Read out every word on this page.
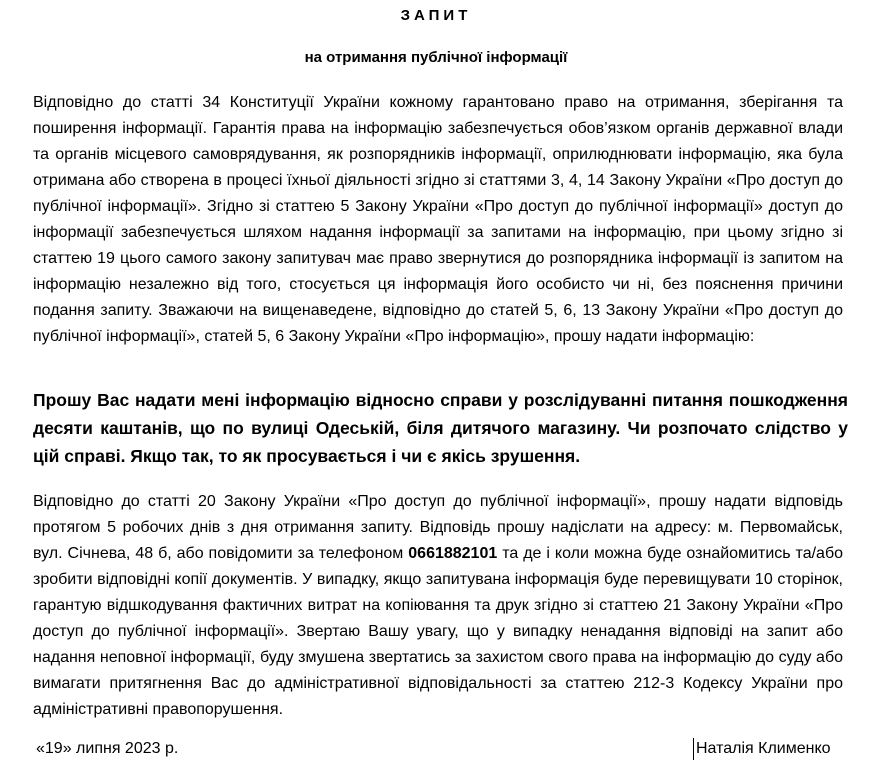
ЗАПИТ
на отримання публічної інформації

Відповідно до статті 34 Конституції України кожному гарантовано право на отримання, зберігання та поширення інформації. Гарантія права на інформацію забезпечується обов’язком органів державної влади та органів місцевого самоврядування, як розпорядників інформації, оприлюднювати інформацію, яка була отримана або створена в процесі їхньої діяльності згідно зі статтями 3, 4, 14 Закону України «Про доступ до публічної інформації». Згідно зі статтею 5 Закону України «Про доступ до публічної інформації» доступ до інформації забезпечується шляхом надання інформації за запитами на інформацію, при цьому згідно зі статтею 19 цього самого закону запитувач має право звернутися до розпорядника інформації із запитом на інформацію незалежно від того, стосується ця інформація його особисто чи ні, без пояснення причини подання запиту. Зважаючи на вищенаведене, відповідно до статей 5, 6, 13 Закону України «Про доступ до публічної інформації», статей 5, 6 Закону України «Про інформацію», прошу надати інформацію:

Прошу Вас надати мені інформацію відносно справи у розслідуванні питання пошкодження десяти каштанів, що по вулиці Одеській, біля дитячого магазину. Чи розпочато слідство у цій справі. Якщо так, то як просувається і чи є якісь зрушення.

Відповідно до статті 20 Закону України «Про доступ до публічної інформації», прошу надати відповідь протягом 5 робочих днів з дня отримання запиту. Відповідь прошу надіслати на адресу: м. Первомайськ, вул. Січнева, 48 б, або повідомити за телефоном 0661882101 та де і коли можна буде ознайомитись та/або зробити відповідні копії документів. У випадку, якщо запитувана інформація буде перевищувати 10 сторінок, гарантую відшкодування фактичних витрат на копіювання та друк згідно зі статтею 21 Закону України «Про доступ до публічної інформації». Звертаю Вашу увагу, що у випадку ненадання відповіді на запит або надання неповної інформації, буду змушена звертатись за захистом свого права на інформацію до суду або вимагати притягнення Вас до адміністративної відповідальності за статтею 212-3 Кодексу України про адміністративні правопорушення.

«19» липня 2023 р.	Наталія Клименко
